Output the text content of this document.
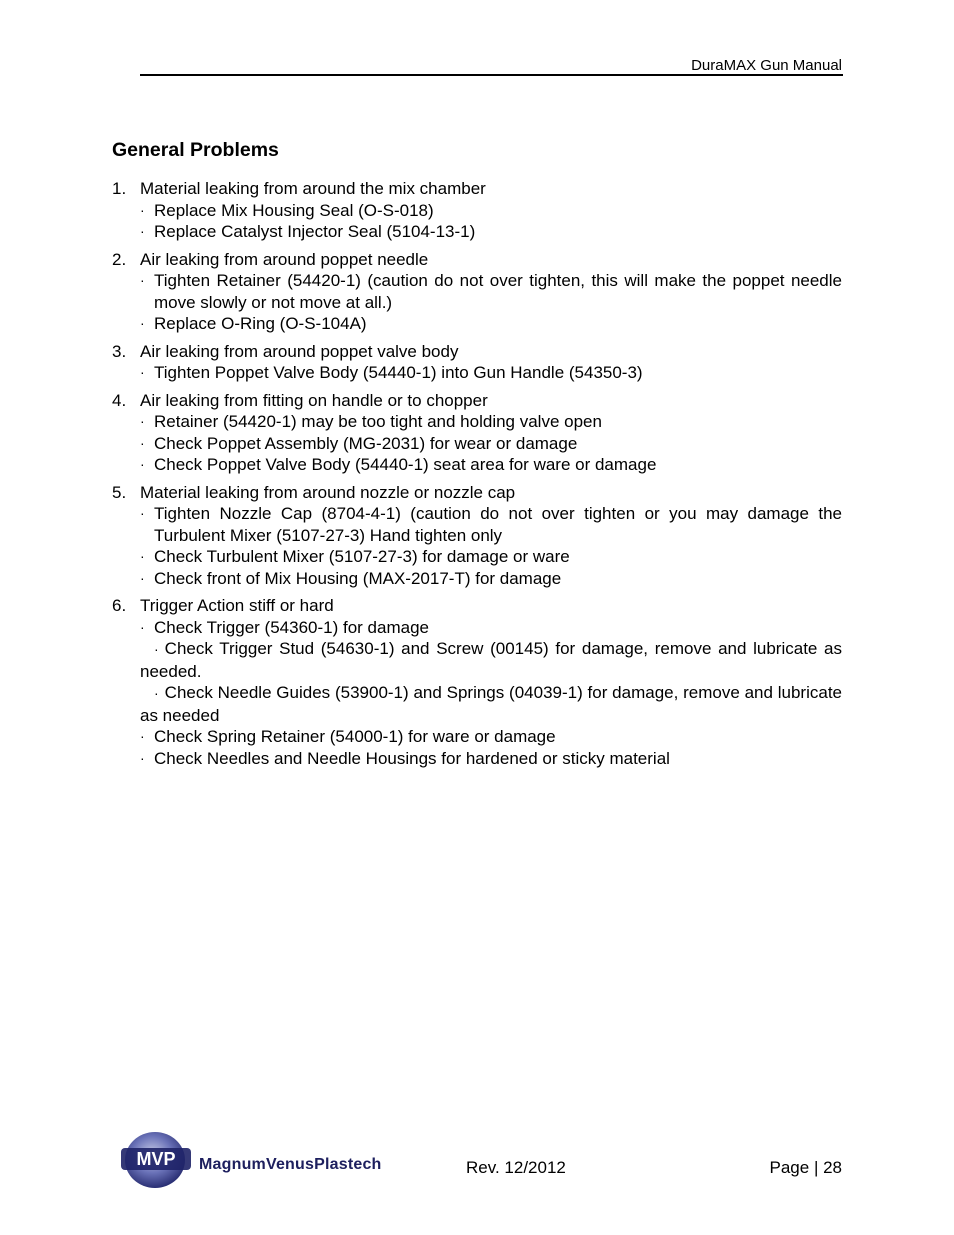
DuraMAX Gun Manual
General Problems
1. Material leaking from around the mix chamber
· Replace Mix Housing Seal (O-S-018)
· Replace Catalyst Injector Seal (5104-13-1)
2. Air leaking from around poppet needle
· Tighten Retainer (54420-1) (caution do not over tighten, this will make the poppet needle move slowly or not move at all.)
· Replace O-Ring (O-S-104A)
3. Air leaking from around poppet valve body
· Tighten Poppet Valve Body (54440-1) into Gun Handle (54350-3)
4. Air leaking from fitting on handle or to chopper
· Retainer (54420-1) may be too tight and holding valve open
· Check Poppet Assembly (MG-2031) for wear or damage
· Check Poppet Valve Body (54440-1) seat area for ware or damage
5. Material leaking from around nozzle or nozzle cap
· Tighten Nozzle Cap (8704-4-1) (caution do not over tighten or you may damage the Turbulent Mixer (5107-27-3) Hand tighten only
· Check Turbulent Mixer (5107-27-3) for damage or ware
· Check front of Mix Housing (MAX-2017-T) for damage
6. Trigger Action stiff or hard
· Check Trigger (54360-1) for damage
· Check Trigger Stud (54630-1) and Screw (00145) for damage, remove and lubricate as     needed.
· Check Needle Guides (53900-1) and Springs (04039-1) for damage, remove and lubricate as needed
· Check Spring Retainer (54000-1) for ware or damage
· Check Needles and Needle Housings for hardened or sticky material
MVP MagnumVenusPlastech	Rev. 12/2012	Page | 28
